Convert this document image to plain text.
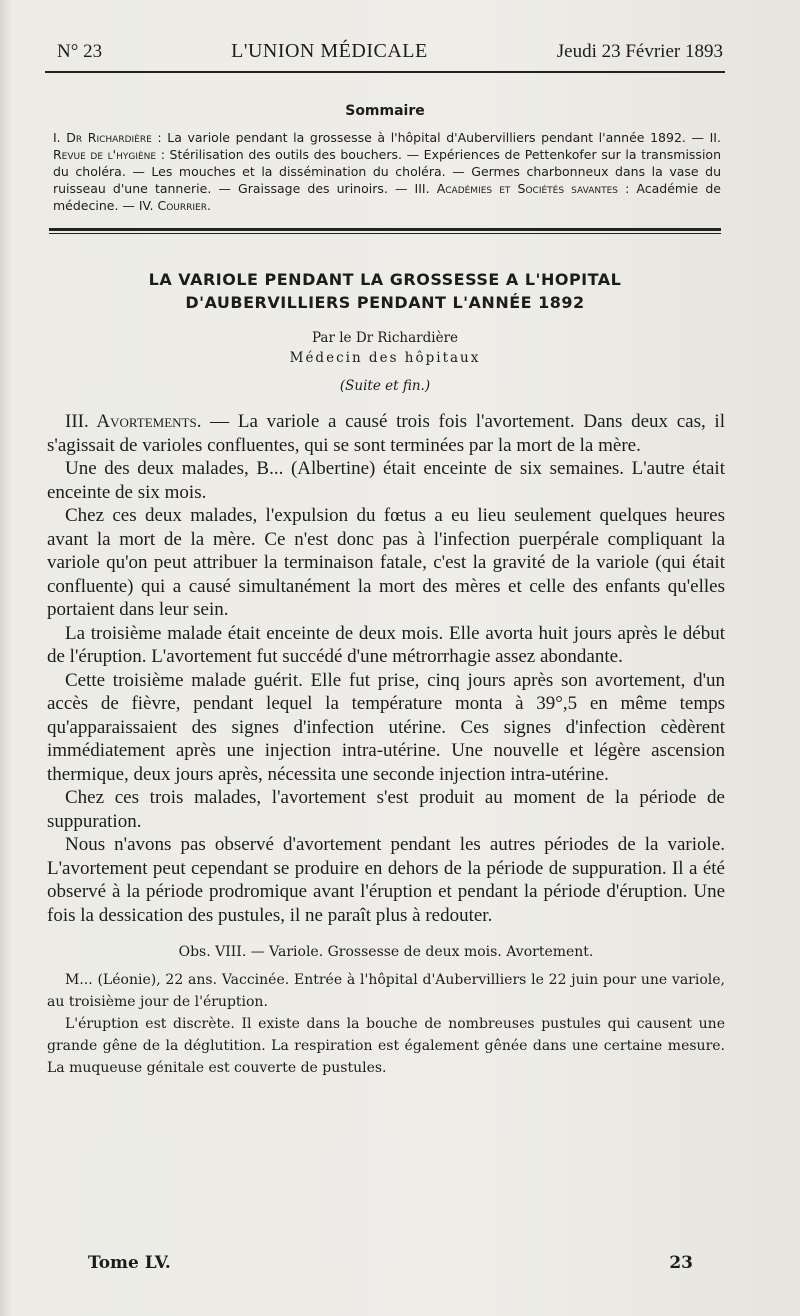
N° 23	L'UNION MÉDICALE	Jeudi 23 Février 1893
Sommaire
I. Dr Richardière : La variole pendant la grossesse à l'hôpital d'Aubervilliers pendant l'année 1892. — II. Revue de l'hygiène : Stérilisation des outils des bouchers. — Expériences de Pettenkofer sur la transmission du choléra. — Les mouches et la dissémination du choléra. — Germes charbonneux dans la vase du ruisseau d'une tannerie. — Graissage des urinoirs. — III. Académies et Sociétés savantes : Académie de médecine. — IV. Courrier.
LA VARIOLE PENDANT LA GROSSESSE A L'HOPITAL
D'AUBERVILLIERS PENDANT L'ANNÉE 1892
Par le Dr Richardière
Médecin des hôpitaux
(Suite et fin.)

III. Avortements. — La variole a causé trois fois l'avortement. Dans deux cas, il s'agissait de varioles confluentes, qui se sont terminées par la mort de la mère.

Une des deux malades, B... (Albertine) était enceinte de six semaines. L'autre était enceinte de six mois.

Chez ces deux malades, l'expulsion du fœtus a eu lieu seulement quelques heures avant la mort de la mère. Ce n'est donc pas à l'infection puerpérale compliquant la variole qu'on peut attribuer la terminaison fatale, c'est la gravité de la variole (qui était confluente) qui a causé simultanément la mort des mères et celle des enfants qu'elles portaient dans leur sein.

La troisième malade était enceinte de deux mois. Elle avorta huit jours après le début de l'éruption. L'avortement fut succédé d'une métrorrhagie assez abondante.

Cette troisième malade guérit. Elle fut prise, cinq jours après son avortement, d'un accès de fièvre, pendant lequel la température monta à 39°,5 en même temps qu'apparaissaient des signes d'infection utérine. Ces signes d'infection cèdèrent immédiatement après une injection intra-utérine. Une nouvelle et légère ascension thermique, deux jours après, nécessita une seconde injection intra-utérine.

Chez ces trois malades, l'avortement s'est produit au moment de la période de suppuration.

Nous n'avons pas observé d'avortement pendant les autres périodes de la variole. L'avortement peut cependant se produire en dehors de la période de suppuration. Il a été observé à la période prodromique avant l'éruption et pendant la période d'éruption. Une fois la dessication des pustules, il ne paraît plus à redouter.

Obs. VIII. — Variole. Grossesse de deux mois. Avortement.

M... (Léonie), 22 ans. Vaccinée. Entrée à l'hôpital d'Aubervilliers le 22 juin pour une variole, au troisième jour de l'éruption.

L'éruption est discrète. Il existe dans la bouche de nombreuses pustules qui causent une grande gêne de la déglutition. La respiration est également gênée dans une certaine mesure. La muqueuse génitale est couverte de pustules.

Tome LV.	23
